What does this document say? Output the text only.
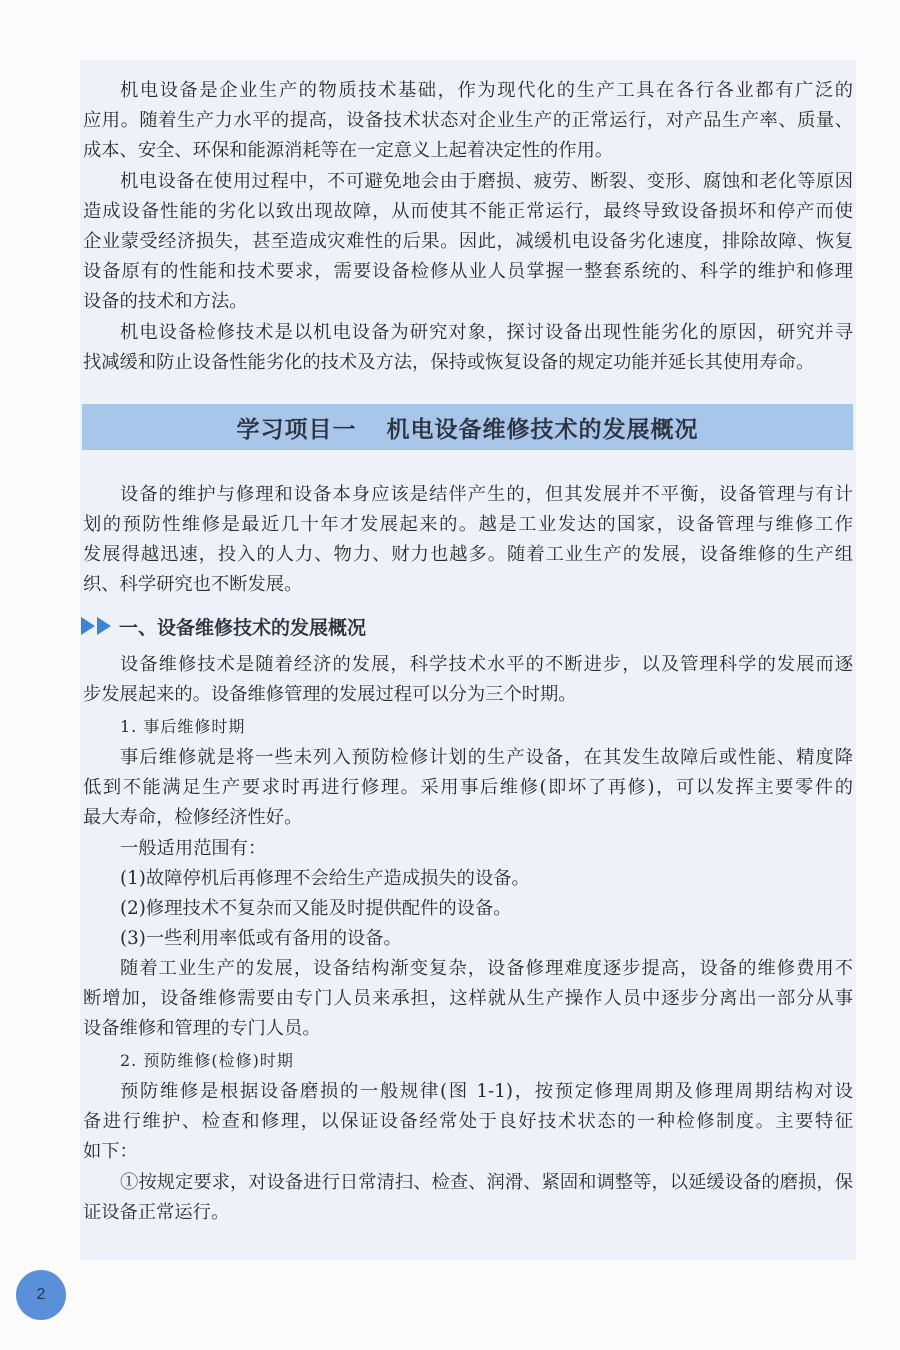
机电设备是企业生产的物质技术基础，作为现代化的生产工具在各行各业都有广泛的
应用。随着生产力水平的提高，设备技术状态对企业生产的正常运行，对产品生产率、质量、
成本、安全、环保和能源消耗等在一定意义上起着决定性的作用。
机电设备在使用过程中，不可避免地会由于磨损、疲劳、断裂、变形、腐蚀和老化等原因
造成设备性能的劣化以致出现故障，从而使其不能正常运行，最终导致设备损坏和停产而使
企业蒙受经济损失，甚至造成灾难性的后果。因此，减缓机电设备劣化速度，排除故障、恢复
设备原有的性能和技术要求，需要设备检修从业人员掌握一整套系统的、科学的维护和修理
设备的技术和方法。
机电设备检修技术是以机电设备为研究对象，探讨设备出现性能劣化的原因，研究并寻
找减缓和防止设备性能劣化的技术及方法，保持或恢复设备的规定功能并延长其使用寿命。
学习项目一 机电设备维修技术的发展概况
设备的维护与修理和设备本身应该是结伴产生的，但其发展并不平衡，设备管理与有计
划的预防性维修是最近几十年才发展起来的。越是工业发达的国家，设备管理与维修工作
发展得越迅速，投入的人力、物力、财力也越多。随着工业生产的发展，设备维修的生产组
织、科学研究也不断发展。
一、设备维修技术的发展概况
设备维修技术是随着经济的发展，科学技术水平的不断进步，以及管理科学的发展而逐
步发展起来的。设备维修管理的发展过程可以分为三个时期。
1. 事后维修时期
事后维修就是将一些未列入预防检修计划的生产设备，在其发生故障后或性能、精度降
低到不能满足生产要求时再进行修理。采用事后维修(即坏了再修)，可以发挥主要零件的
最大寿命，检修经济性好。
一般适用范围有：
(1)故障停机后再修理不会给生产造成损失的设备。
(2)修理技术不复杂而又能及时提供配件的设备。
(3)一些利用率低或有备用的设备。
随着工业生产的发展，设备结构渐变复杂，设备修理难度逐步提高，设备的维修费用不
断增加，设备维修需要由专门人员来承担，这样就从生产操作人员中逐步分离出一部分从事
设备维修和管理的专门人员。
2. 预防维修(检修)时期
预防维修是根据设备磨损的一般规律(图 1-1)，按预定修理周期及修理周期结构对设
备进行维护、检查和修理，以保证设备经常处于良好技术状态的一种检修制度。主要特征
如下：
①按规定要求，对设备进行日常清扫、检查、润滑、紧固和调整等，以延缓设备的磨损，保
证设备正常运行。
2
